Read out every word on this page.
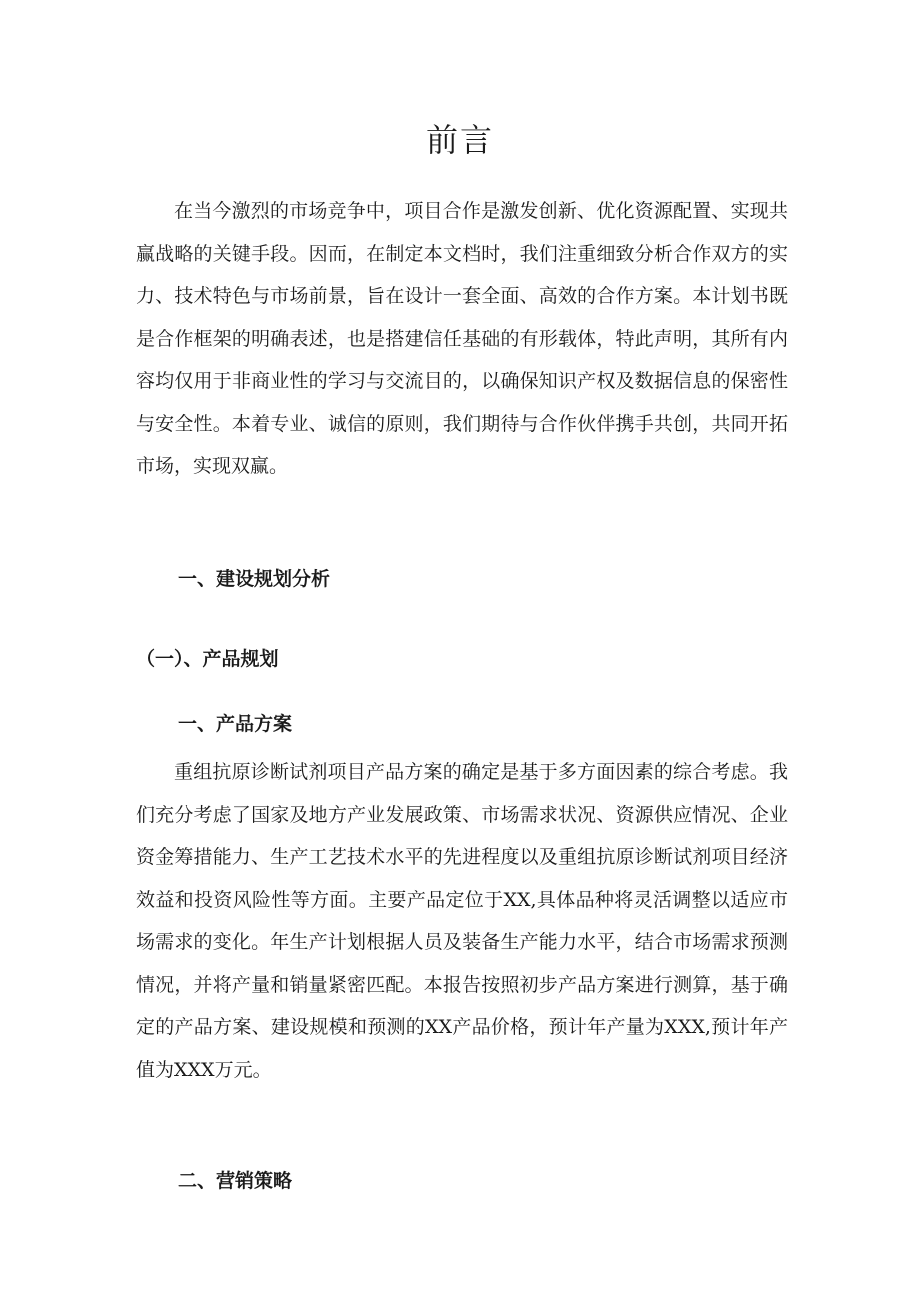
前言

在当今激烈的市场竞争中，项目合作是激发创新、优化资源配置、实现共赢战略的关键手段。因而，在制定本文档时，我们注重细致分析合作双方的实力、技术特色与市场前景，旨在设计一套全面、高效的合作方案。本计划书既是合作框架的明确表述，也是搭建信任基础的有形载体，特此声明，其所有内容均仅用于非商业性的学习与交流目的，以确保知识产权及数据信息的保密性与安全性。本着专业、诚信的原则，我们期待与合作伙伴携手共创，共同开拓市场，实现双赢。

一、建设规划分析
（一）、产品规划
一、产品方案

重组抗原诊断试剂项目产品方案的确定是基于多方面因素的综合考虑。我们充分考虑了国家及地方产业发展政策、市场需求状况、资源供应情况、企业资金筹措能力、生产工艺技术水平的先进程度以及重组抗原诊断试剂项目经济效益和投资风险性等方面。主要产品定位于XX,具体品种将灵活调整以适应市场需求的变化。年生产计划根据人员及装备生产能力水平，结合市场需求预测情况，并将产量和销量紧密匹配。本报告按照初步产品方案进行测算，基于确定的产品方案、建设规模和预测的XX产品价格，预计年产量为XXX,预计年产值为XXX万元。

二、营销策略
